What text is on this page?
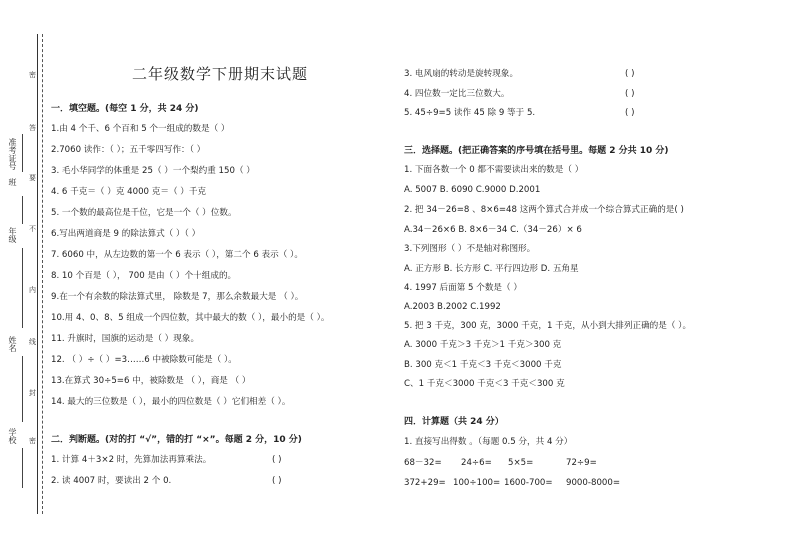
学校
姓名
年级
班
准考证号
密
答
要
不
内
线
封
密
二年级数学下册期末试题
一．填空题。(每空 1 分，共 24 分)
1.由 4 个千、6 个百和 5 个一组成的数是（ ）
2.7060 读作：（ ）；五千零四写作：（ ）
3. 毛小华同学的体重是 25（ ）一个梨约重 150（ ）
4. 6 千克＝（ ）克 4000 克＝（ ）千克
5. 一个数的最高位是千位，它是一个（ ）位数。
6.写出两道商是 9 的除法算式（ ）（ ）
7. 6060 中，从左边数的第一个 6 表示（ ），第二个 6 表示（ ）。
8. 10 个百是（ ）， 700 是由（ ）个十组成的。
9.在一个有余数的除法算式里， 除数是 7，那么余数最大是 （ ）。
10.用 4、0、8、5 组成一个四位数，其中最大的数（ ），最小的是（ ）。
11. 升旗时，国旗的运动是（ ）现象。
12. （ ）÷（ ）=3……6 中被除数可能是（ ）。
13.在算式 30÷5=6 中，被除数是 （ ），商是 （ ）
14. 最大的三位数是（ ），最小的四位数是（ ）它们相差（ ）。
二．判断题。(对的打 “√”，错的打 “×”。每题 2 分，10 分)
1. 计算 4＋3×2 时，先算加法再算乘法。	( )
2. 读 4007 时，要读出 2 个 0.	( )
3. 电风扇的转动是旋转现象。	( )
4. 四位数一定比三位数大。	( )
5. 45÷9=5 读作 45 除 9 等于 5.	( )
三．选择题。(把正确答案的序号填在括号里。每题 2 分共 10 分)
1. 下面各数一个 0 都不需要读出来的数是（ ）
A. 5007 B. 6090 C.9000 D.2001
2. 把 34－26=8 、8×6=48 这两个算式合并成一个综合算式正确的是( )
A.34－26×6 B. 8×6－34 C.（34－26）× 6
3.下列图形（ ）不是轴对称图形。
A. 正方形 B. 长方形 C. 平行四边形 D. 五角星
4. 1997 后面第 5 个数是（ ）
A.2003 B.2002 C.1992
5. 把 3 千克，300 克，3000 千克，1 千克，从小到大排列正确的是（ ）。
A. 3000 千克＞3 千克＞1 千克＞300 克
B. 300 克＜1 千克＜3 千克＜3000 千克
C、1 千克＜3000 千克＜3 千克＜300 克
四．计算题（共 24 分）
1. 直接写出得数 。（每题 0.5 分，共 4 分）
68－32= 24÷6= 5×5=	72÷9=
372+29= 100÷100= 1600-700= 9000-8000=
